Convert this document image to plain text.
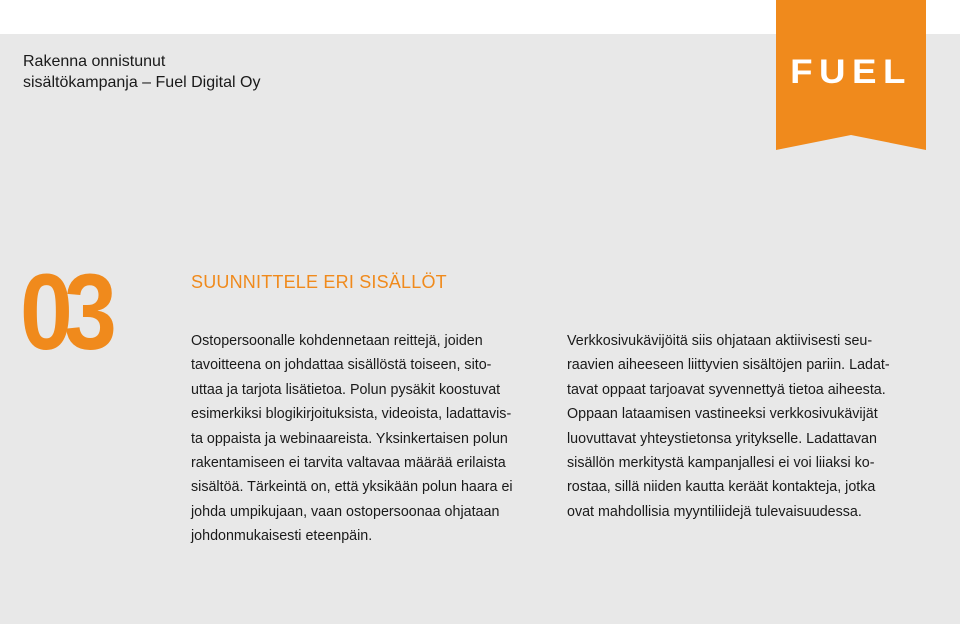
Rakenna onnistunut
sisältökampanja – Fuel Digital Oy	FUEL
03	SUUNNITTELE ERI SISÄLLÖT

Ostopersoonalle kohdennetaan reittejä, joiden
tavoitteena on johdattaa sisällöstä toiseen, sito-
uttaa ja tarjota lisätietoa. Polun pysäkit koostuvat
esimerkiksi blogikirjoituksista, videoista, ladattavis-
ta oppaista ja webinaareista. Yksinkertaisen polun
rakentamiseen ei tarvita valtavaa määrää erilaista
sisältöä. Tärkeintä on, että yksikään polun haara ei
johda umpikujaan, vaan ostopersoonaa ohjataan
johdonmukaisesti eteenpäin.

Verkkosivukävijöitä siis ohjataan aktiivisesti seu-
raavien aiheeseen liittyvien sisältöjen pariin. Ladat-
tavat oppaat tarjoavat syvennettyä tietoa aiheesta.
Oppaan lataamisen vastineeksi verkkosivukävijät
luovuttavat yhteystietonsa yritykselle. Ladattavan
sisällön merkitystä kampanjallesi ei voi liiaksi ko-
rostaa, sillä niiden kautta keräät kontakteja, jotka
ovat mahdollisia myyntiliidejä tulevaisuudessa.
